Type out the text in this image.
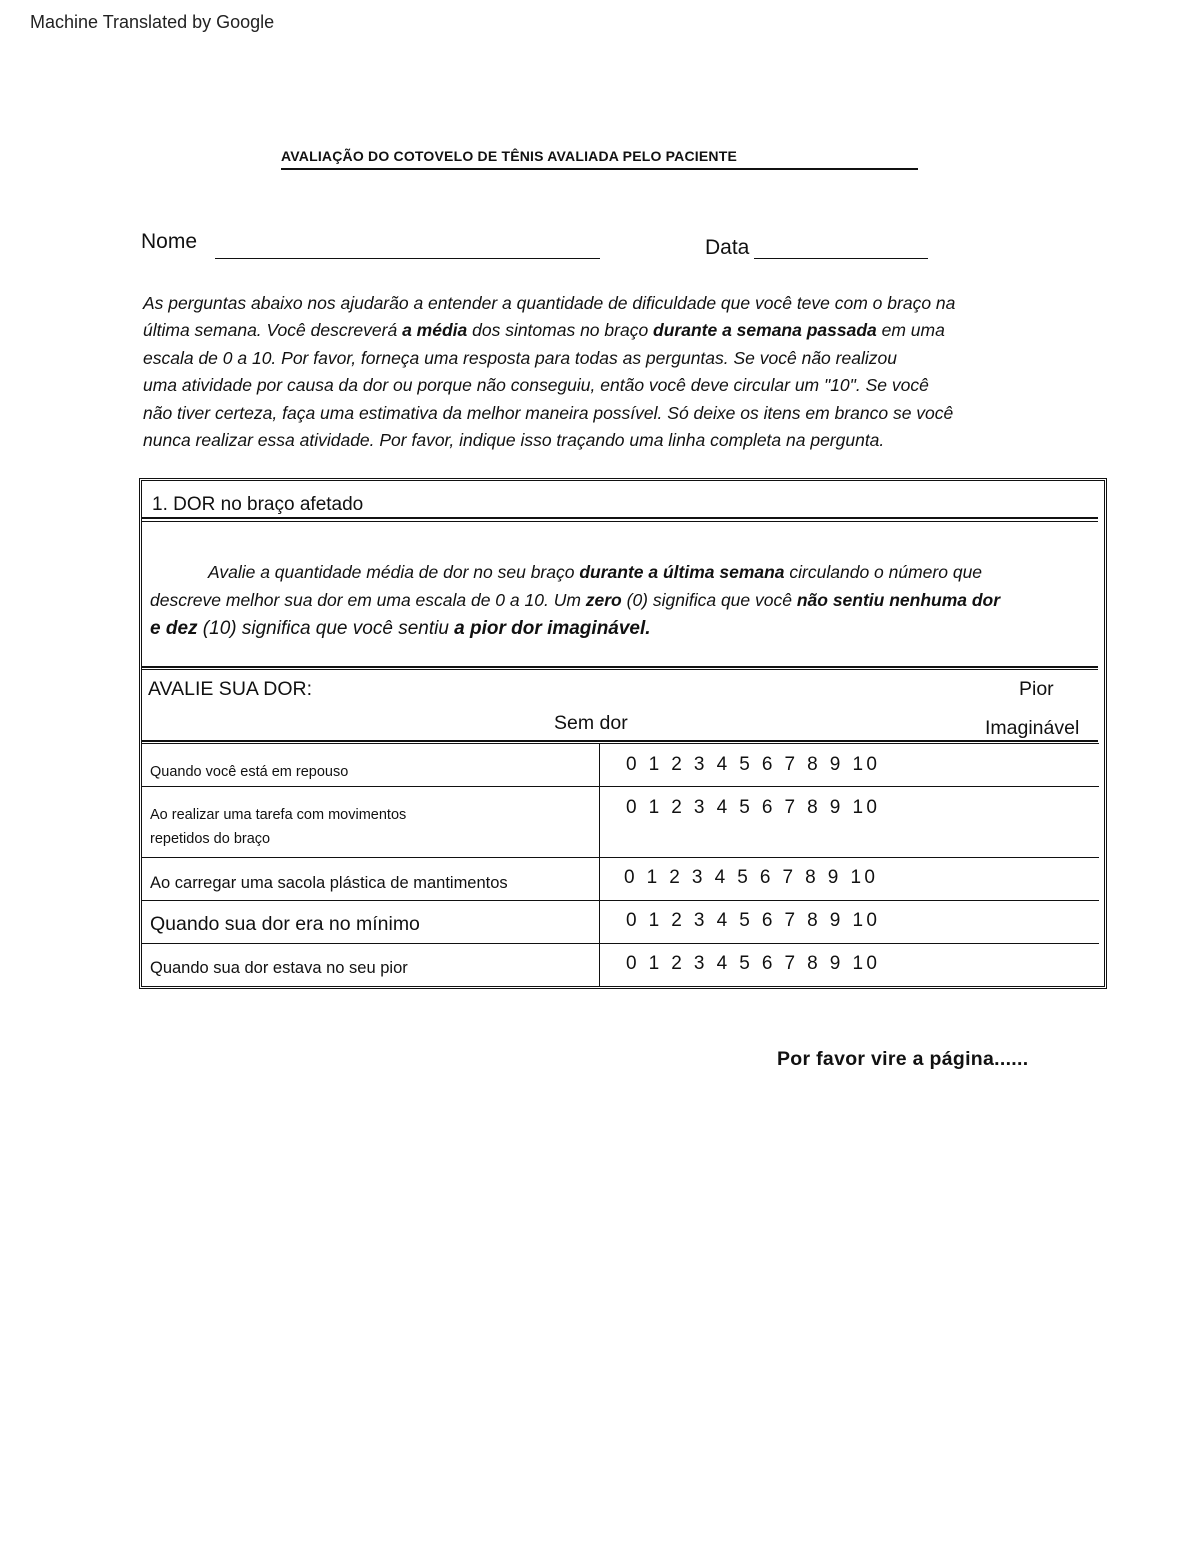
Machine Translated by Google
AVALIAÇÃO DO COTOVELO DE TÊNIS AVALIADA PELO PACIENTE
Nome	Data
As perguntas abaixo nos ajudarão a entender a quantidade de dificuldade que você teve com o braço na
última semana. Você descreverá a média dos sintomas no braço durante a semana passada em uma
escala de 0 a 10. Por favor, forneça uma resposta para todas as perguntas. Se você não realizou
uma atividade por causa da dor ou porque não conseguiu, então você deve circular um "10". Se você
não tiver certeza, faça uma estimativa da melhor maneira possível. Só deixe os itens em branco se você
nunca realizar essa atividade. Por favor, indique isso traçando uma linha completa na pergunta.
1. DOR no braço afetado
Avalie a quantidade média de dor no seu braço durante a última semana circulando o número que
descreve melhor sua dor em uma escala de 0 a 10. Um zero (0) significa que você não sentiu nenhuma dor
e dez (10) significa que você sentiu a pior dor imaginável.
AVALIE SUA DOR:
Sem dor
Pior
Imaginável
Quando você está em repouso	0 1 2 3 4 5 6 7 8 9 10
Ao realizar uma tarefa com movimentos
repetidos do braço
0 1 2 3 4 5 6 7 8 9 10
Ao carregar uma sacola plástica de mantimentos	0 1 2 3 4 5 6 7 8 9 10
Quando sua dor era no mínimo	0 1 2 3 4 5 6 7 8 9 10
Quando sua dor estava no seu pior	0 1 2 3 4 5 6 7 8 9 10
Por favor vire a página......
